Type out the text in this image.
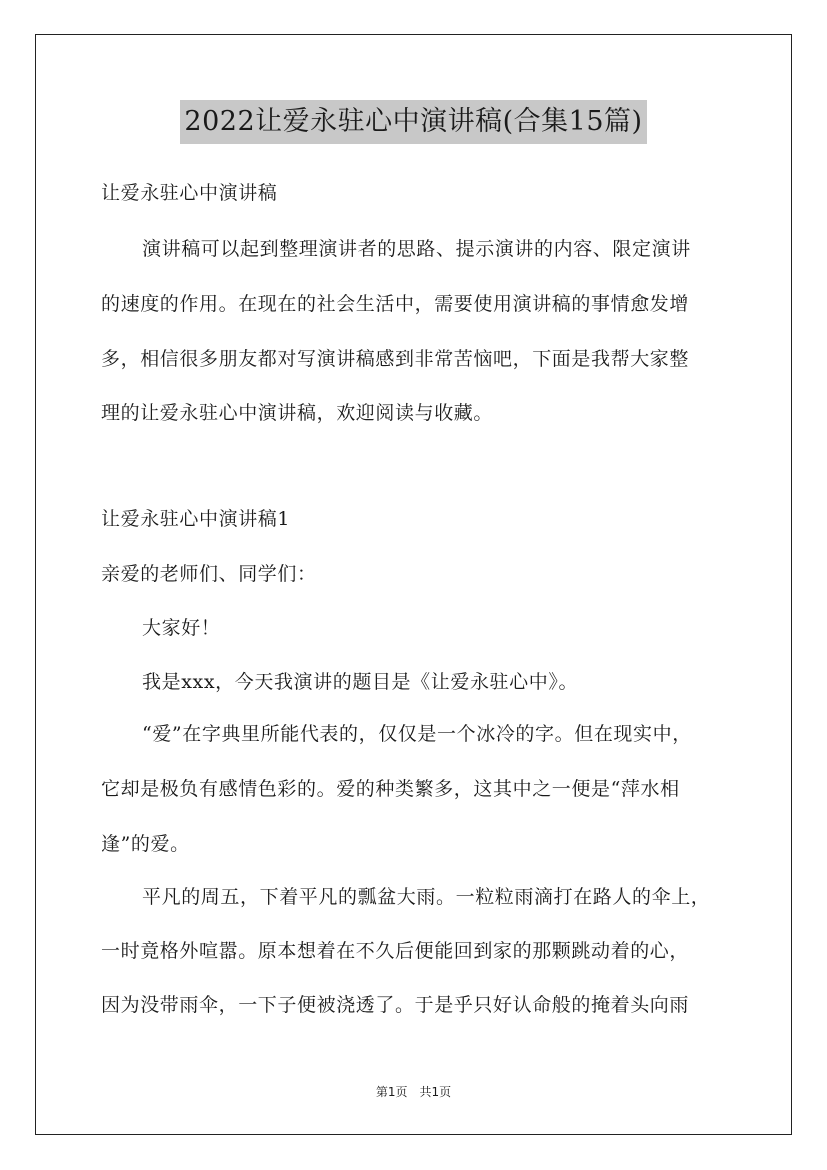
2022让爱永驻心中演讲稿(合集15篇)
让爱永驻心中演讲稿
演讲稿可以起到整理演讲者的思路、提示演讲的内容、限定演讲
的速度的作用。在现在的社会生活中，需要使用演讲稿的事情愈发增
多，相信很多朋友都对写演讲稿感到非常苦恼吧，下面是我帮大家整
理的让爱永驻心中演讲稿，欢迎阅读与收藏。
让爱永驻心中演讲稿1
亲爱的老师们、同学们：
大家好！
我是xxx，今天我演讲的题目是《让爱永驻心中》。
“爱”在字典里所能代表的，仅仅是一个冰冷的字。但在现实中，
它却是极负有感情色彩的。爱的种类繁多，这其中之一便是“萍水相
逢”的爱。
平凡的周五，下着平凡的瓢盆大雨。一粒粒雨滴打在路人的伞上，
一时竟格外喧嚣。原本想着在不久后便能回到家的那颗跳动着的心，
因为没带雨伞，一下子便被浇透了。于是乎只好认命般的掩着头向雨
第1页　共1页
